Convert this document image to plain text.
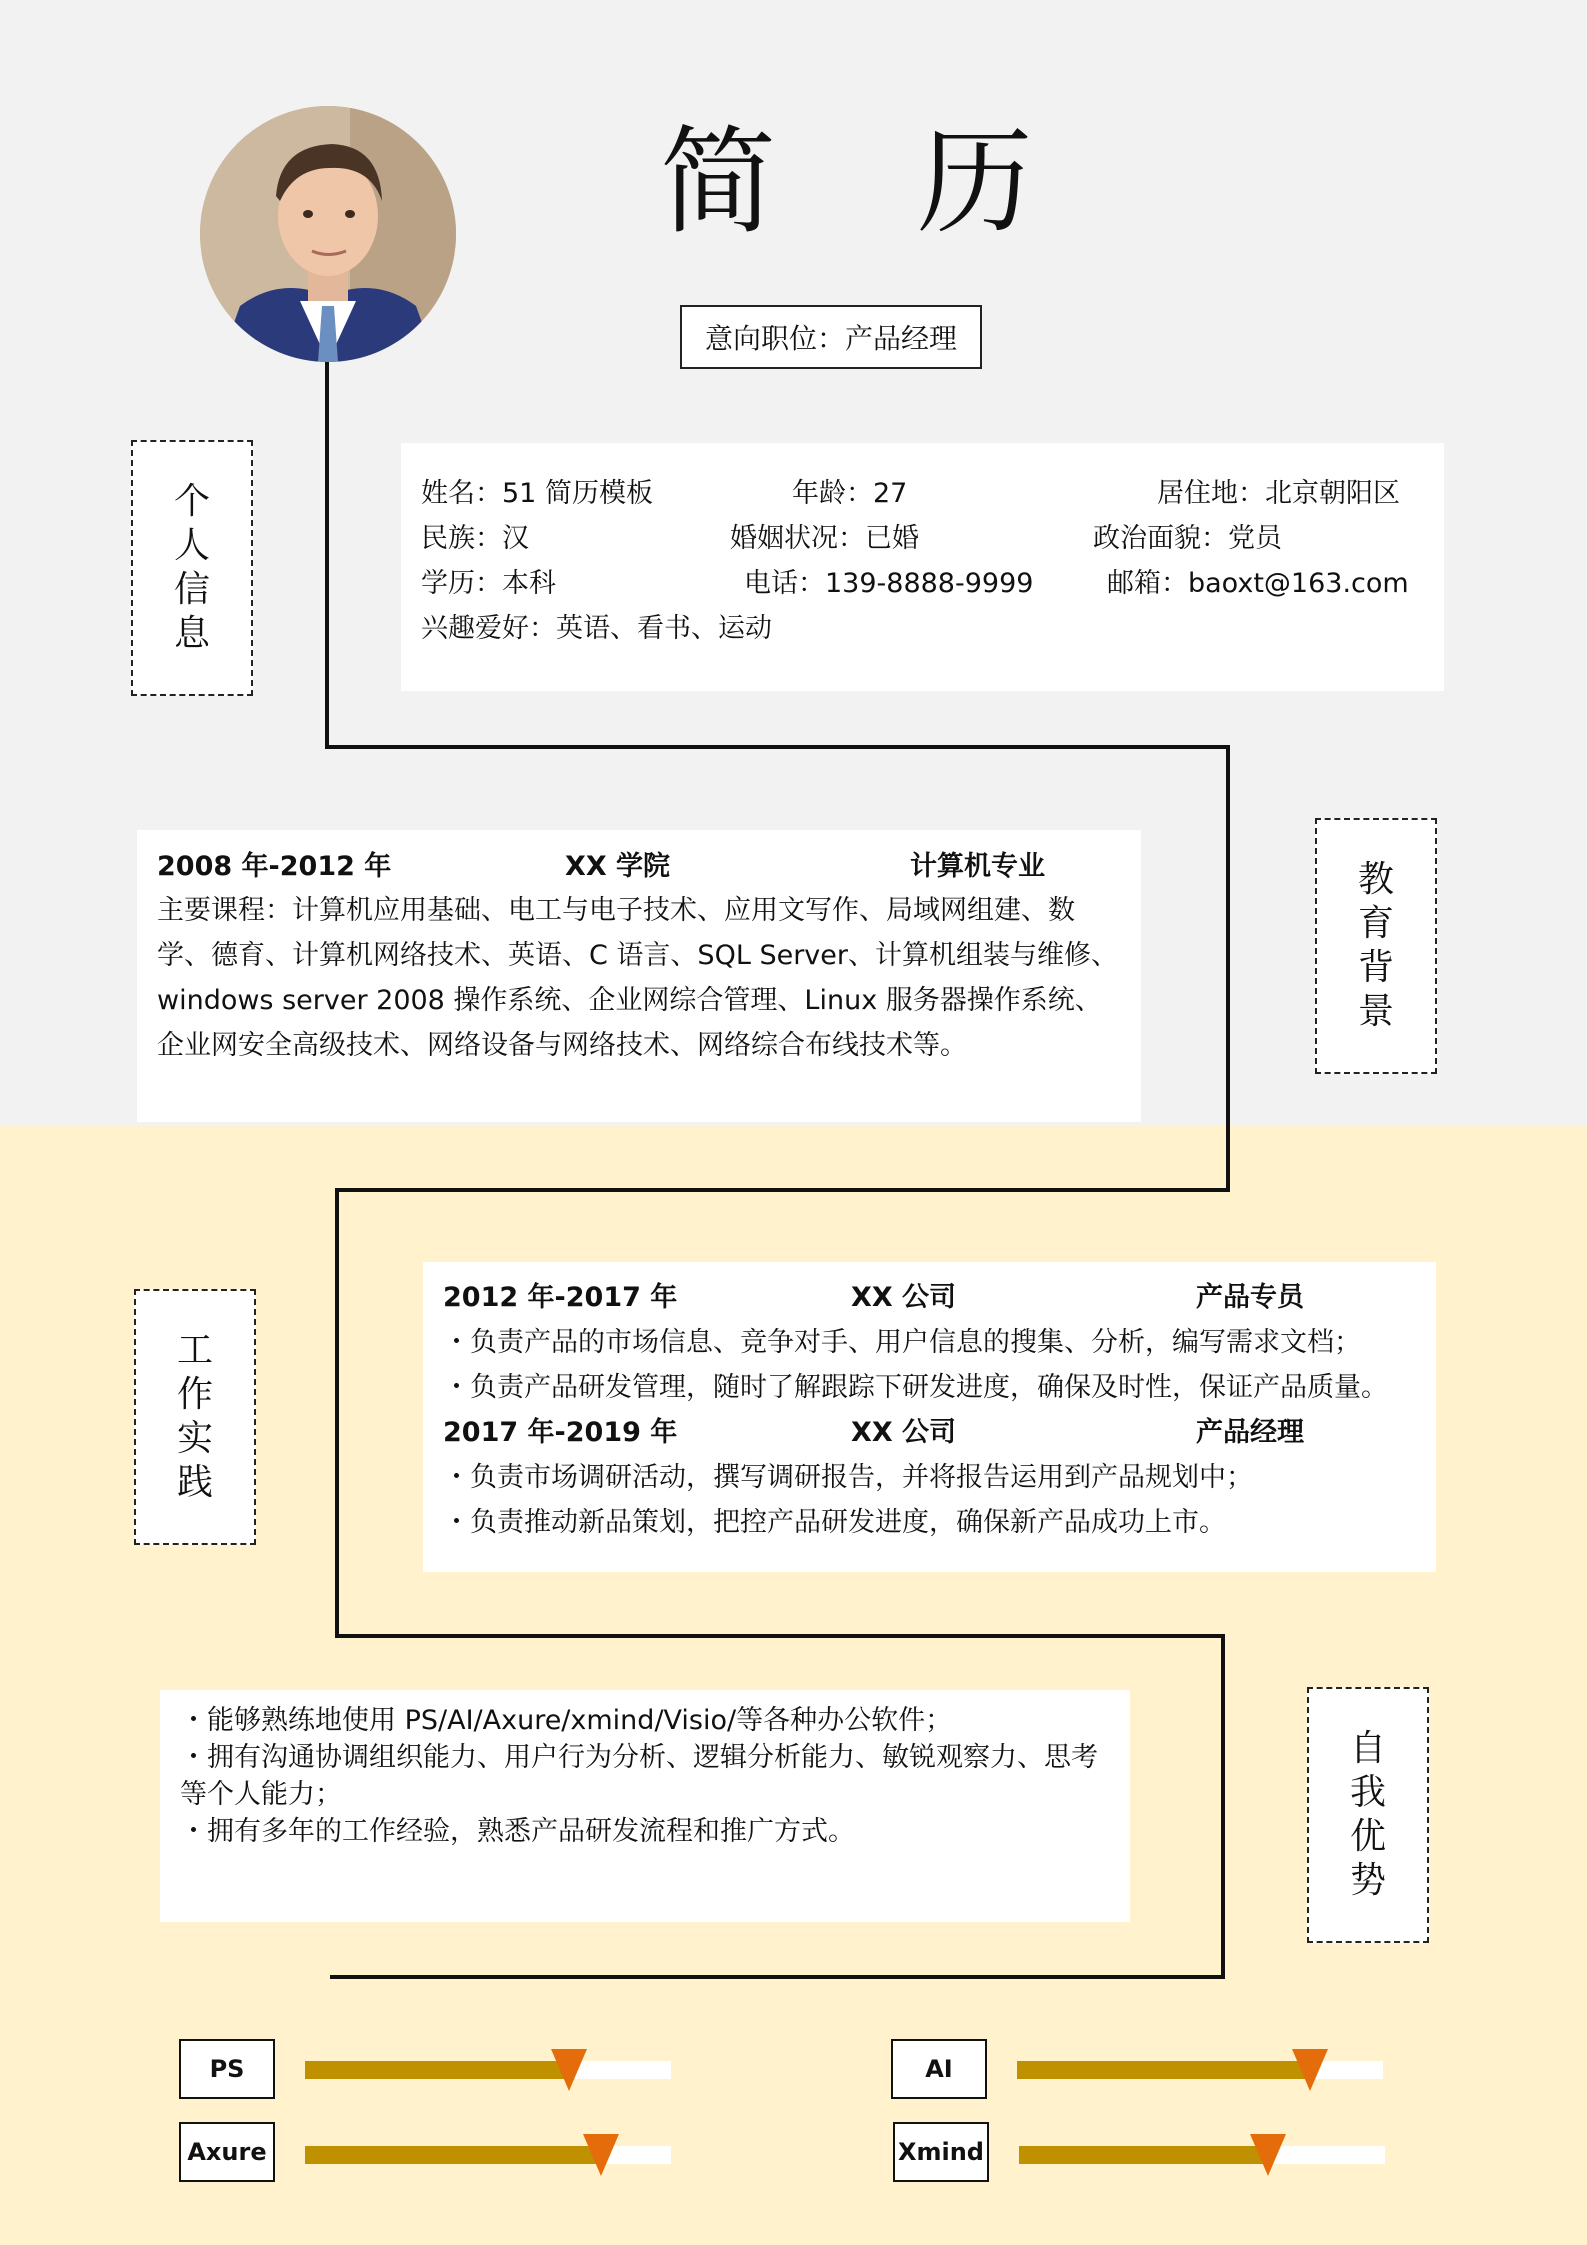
简 历
意向职位：产品经理
个
人
信
息
教
育
背
景
工
作
实
践
自
我
优
势
姓名：51 简历模板	年龄：27	居住地：北京朝阳区
民族：汉	婚姻状况：已婚	政治面貌：党员
学历：本科	电话：139-8888-9999	邮箱：baoxt@163.com
兴趣爱好：英语、看书、运动
2008 年-2012 年	XX 学院	计算机专业
主要课程：计算机应用基础、电工与电子技术、应用文写作、局域网组建、数学、德育、计算机网络技术、英语、C 语言、SQL Server、计算机组装与维修、windows server 2008 操作系统、企业网综合管理、Linux 服务器操作系统、企业网安全高级技术、网络设备与网络技术、网络综合布线技术等。
2012 年-2017 年	XX 公司	产品专员
・负责产品的市场信息、竞争对手、用户信息的搜集、分析，编写需求文档；
・负责产品研发管理，随时了解跟踪下研发进度，确保及时性，保证产品质量。
2017 年-2019 年	XX 公司	产品经理
・负责市场调研活动，撰写调研报告，并将报告运用到产品规划中；
・负责推动新品策划，把控产品研发进度，确保新产品成功上市。
・能够熟练地使用 PS/AI/Axure/xmind/Visio/等各种办公软件；
・拥有沟通协调组织能力、用户行为分析、逻辑分析能力、敏锐观察力、思考等个人能力；
・拥有多年的工作经验，熟悉产品研发流程和推广方式。
PS	AI
Axure	Xmind
